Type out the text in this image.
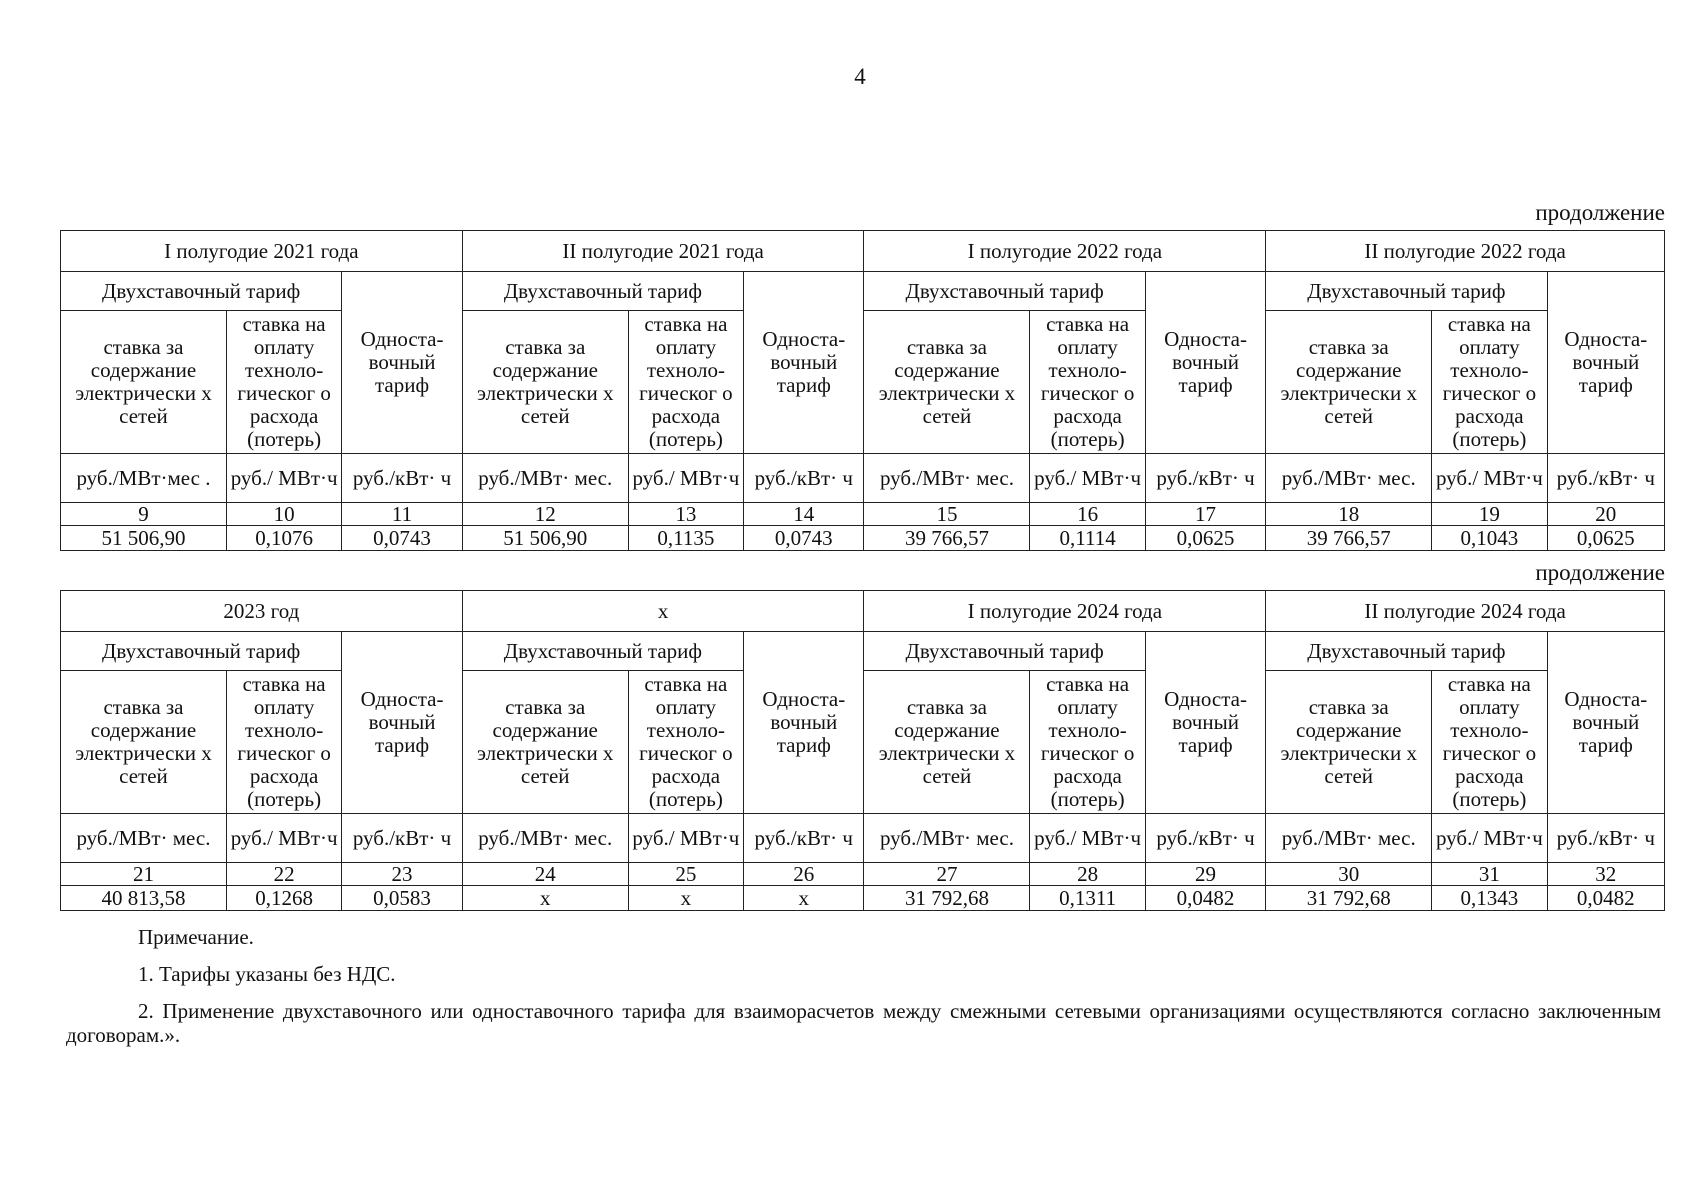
4
продолжение
I полугодие 2021 года			II полугодие 2021 года			I полугодие 2022 года			II полугодие 2022 года		
Двухставочный тариф		Односта- вочный тариф	Двухставочный тариф		Односта- вочный тариф	Двухставочный тариф		Односта- вочный тариф	Двухставочный тариф		Односта- вочный тариф
ставка за содержание электрически х сетей	ставка на оплату техноло- гическог о расхода (потерь)		ставка за содержание электрически х сетей	ставка на оплату техноло- гическог о расхода (потерь)		ставка за содержание электрически х сетей	ставка на оплату техноло- гическог о расхода (потерь)		ставка за содержание электрически х сетей	ставка на оплату техноло- гическог о расхода (потерь)	
руб./МВт·мес .	руб./ МВт·ч	руб./кВт· ч	руб./МВт· мес.	руб./ МВт·ч	руб./кВт· ч	руб./МВт· мес.	руб./ МВт·ч	руб./кВт· ч	руб./МВт· мес.	руб./ МВт·ч	руб./кВт· ч
9	10	11	12	13	14	15	16	17	18	19	20
51 506,90	0,1076	0,0743	51 506,90	0,1135	0,0743	39 766,57	0,1114	0,0625	39 766,57	0,1043	0,0625
продолжение
2023 год			x			I полугодие 2024 года			II полугодие 2024 года		
Двухставочный тариф		Односта- вочный тариф	Двухставочный тариф		Односта- вочный тариф	Двухставочный тариф		Односта- вочный тариф	Двухставочный тариф		Односта- вочный тариф
ставка за содержание электрически х сетей	ставка на оплату техноло- гическог о расхода (потерь)		ставка за содержание электрически х сетей	ставка на оплату техноло- гическог о расхода (потерь)		ставка за содержание электрически х сетей	ставка на оплату техноло- гическог о расхода (потерь)		ставка за содержание электрически х сетей	ставка на оплату техноло- гическог о расхода (потерь)	
руб./МВт· мес.	руб./ МВт·ч	руб./кВт· ч	руб./МВт· мес.	руб./ МВт·ч	руб./кВт· ч	руб./МВт· мес.	руб./ МВт·ч	руб./кВт· ч	руб./МВт· мес.	руб./ МВт·ч	руб./кВт· ч
21	22	23	24	25	26	27	28	29	30	31	32
40 813,58	0,1268	0,0583	x	x	x	31 792,68	0,1311	0,0482	31 792,68	0,1343	0,0482

Примечание.

1. Тарифы указаны без НДС.

2. Применение двухставочного или одноставочного тарифа для взаиморасчетов между смежными сетевыми организациями осуществляются согласно заключенным договорам.».
